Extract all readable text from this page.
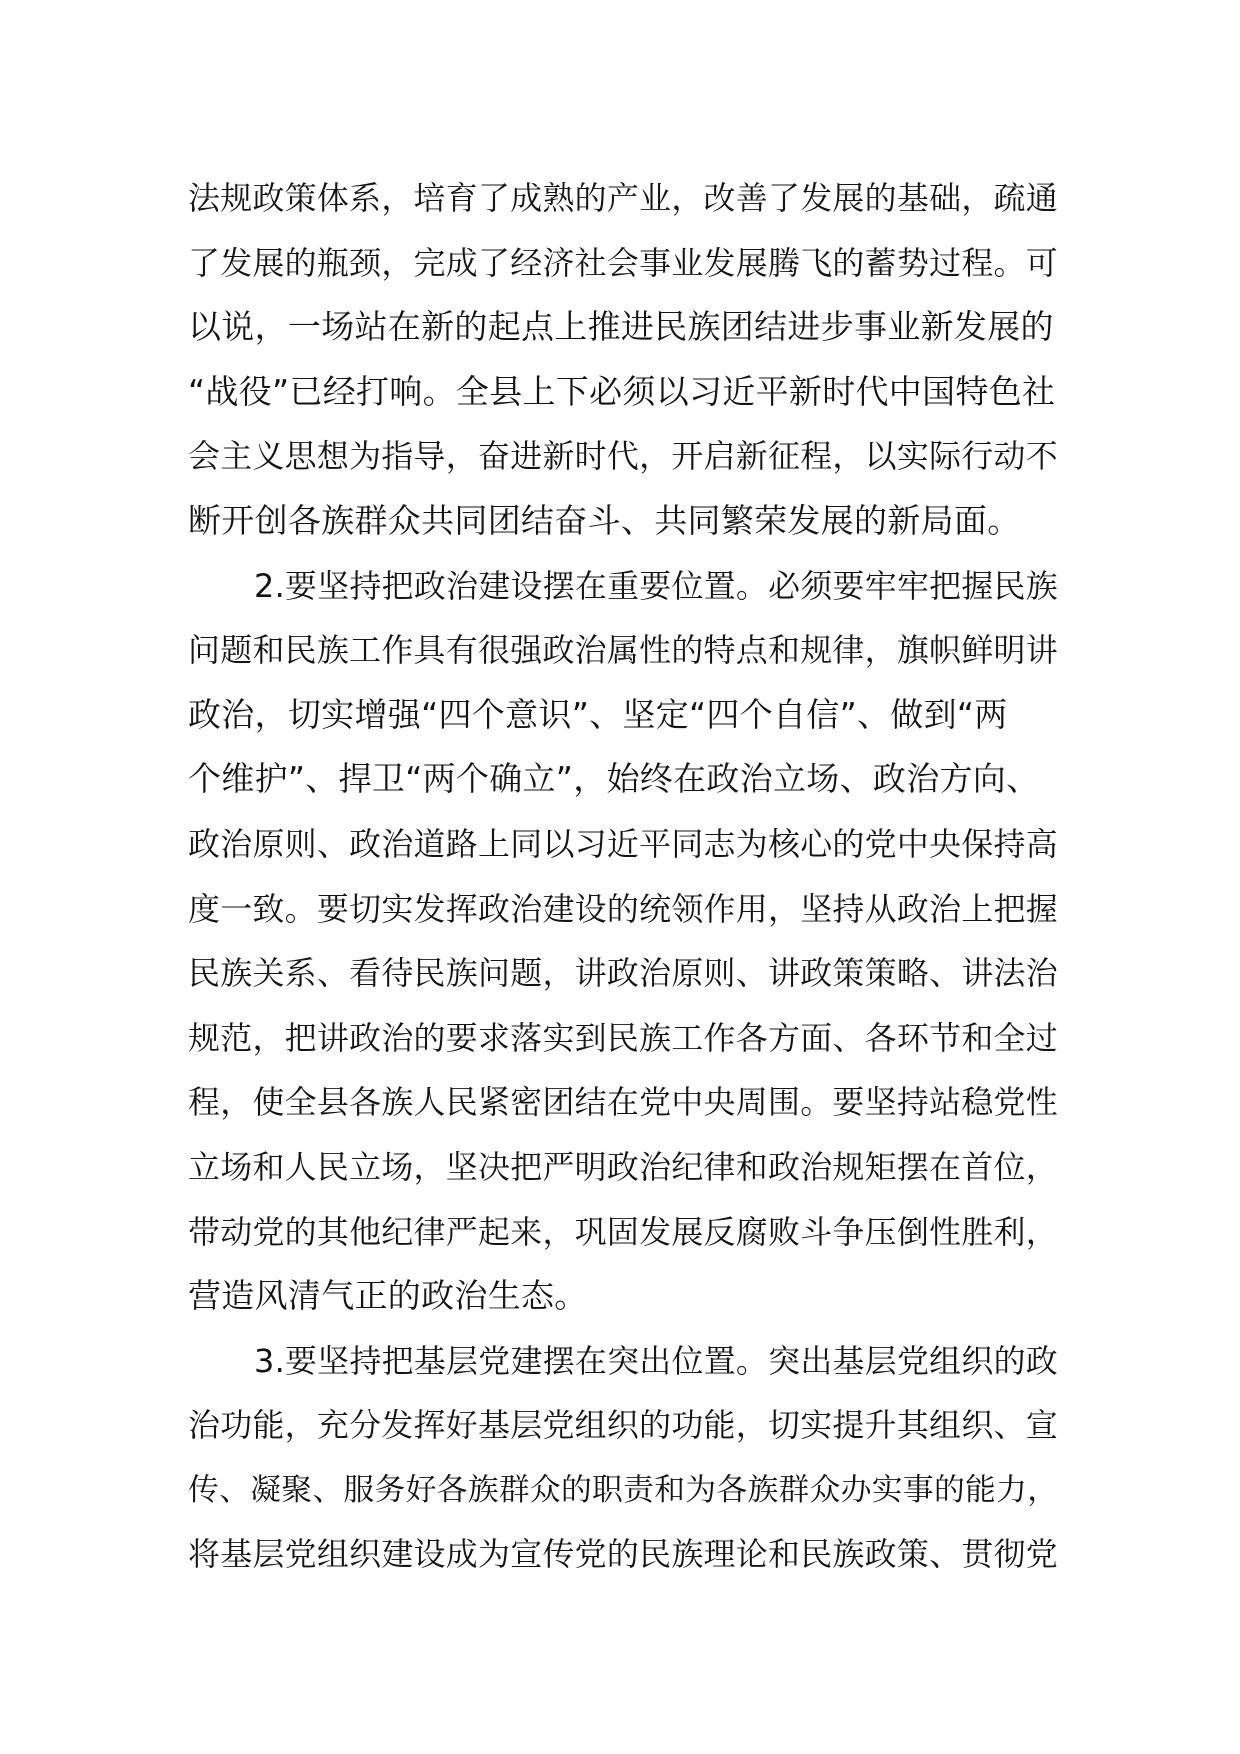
法规政策体系，培育了成熟的产业，改善了发展的基础，疏通
了发展的瓶颈，完成了经济社会事业发展腾飞的蓄势过程。可
以说，一场站在新的起点上推进民族团结进步事业新发展的
“战役”已经打响。全县上下必须以习近平新时代中国特色社
会主义思想为指导，奋进新时代，开启新征程，以实际行动不
断开创各族群众共同团结奋斗、共同繁荣发展的新局面。
2.要坚持把政治建设摆在重要位置。必须要牢牢把握民族
问题和民族工作具有很强政治属性的特点和规律，旗帜鲜明讲
政治，切实增强“四个意识”、坚定“四个自信”、做到“两
个维护”、捍卫“两个确立”，始终在政治立场、政治方向、
政治原则、政治道路上同以习近平同志为核心的党中央保持高
度一致。要切实发挥政治建设的统领作用，坚持从政治上把握
民族关系、看待民族问题，讲政治原则、讲政策策略、讲法治
规范，把讲政治的要求落实到民族工作各方面、各环节和全过
程，使全县各族人民紧密团结在党中央周围。要坚持站稳党性
立场和人民立场，坚决把严明政治纪律和政治规矩摆在首位，
带动党的其他纪律严起来，巩固发展反腐败斗争压倒性胜利，
营造风清气正的政治生态。
3.要坚持把基层党建摆在突出位置。突出基层党组织的政
治功能，充分发挥好基层党组织的功能，切实提升其组织、宣
传、凝聚、服务好各族群众的职责和为各族群众办实事的能力，
将基层党组织建设成为宣传党的民族理论和民族政策、贯彻党
